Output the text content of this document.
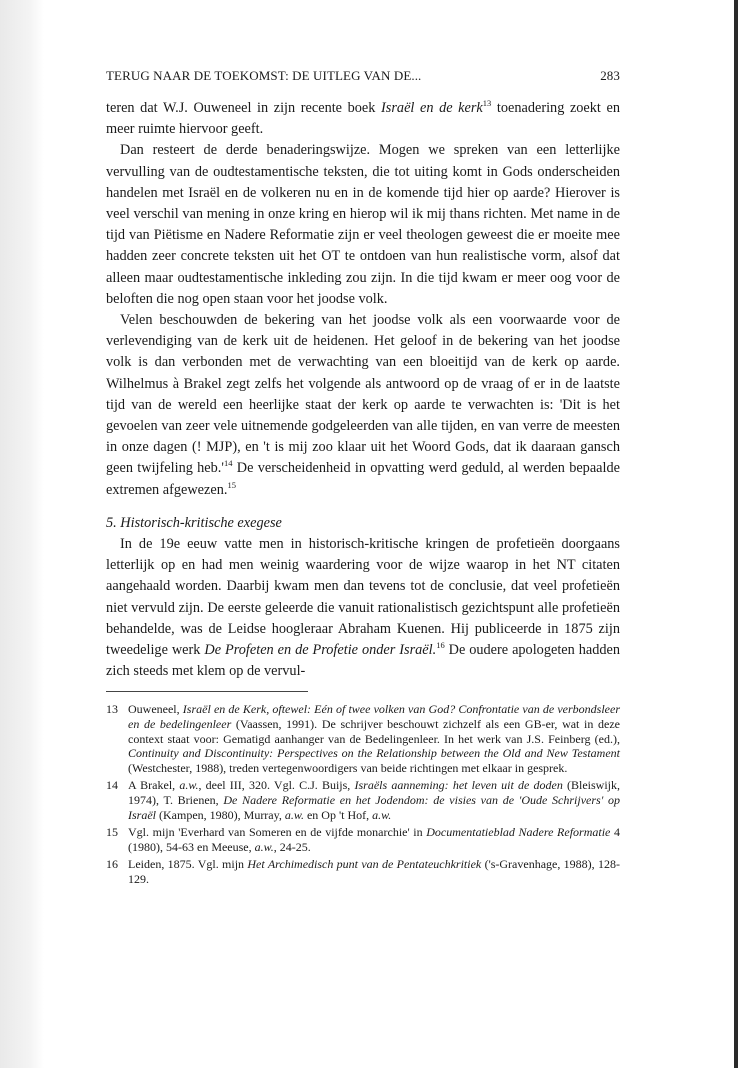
TERUG NAAR DE TOEKOMST: DE UITLEG VAN DE...	283

teren dat W.J. Ouweneel in zijn recente boek Israël en de kerk$^{13}$ toenadering zoekt en meer ruimte hiervoor geeft.

Dan resteert de derde benaderingswijze. Mogen we spreken van een letterlijke vervulling van de oudtestamentische teksten, die tot uiting komt in Gods onderscheiden handelen met Israël en de volkeren nu en in de komende tijd hier op aarde? Hierover is veel verschil van mening in onze kring en hierop wil ik mij thans richten. Met name in de tijd van Piëtisme en Nadere Reformatie zijn er veel theologen geweest die er moeite mee hadden zeer concrete teksten uit het OT te ontdoen van hun realistische vorm, alsof dat alleen maar oudtestamentische inkleding zou zijn. In die tijd kwam er meer oog voor de beloften die nog open staan voor het joodse volk.

Velen beschouwden de bekering van het joodse volk als een voorwaarde voor de verlevendiging van de kerk uit de heidenen. Het geloof in de bekering van het joodse volk is dan verbonden met de verwachting van een bloeitijd van de kerk op aarde. Wilhelmus à Brakel zegt zelfs het volgende als antwoord op de vraag of er in de laatste tijd van de wereld een heerlijke staat der kerk op aarde te verwachten is: 'Dit is het gevoelen van zeer vele uitnemende godgeleerden van alle tijden, en van verre de meesten in onze dagen (! MJP), en 't is mij zoo klaar uit het Woord Gods, dat ik daaraan gansch geen twijfeling heb.'$^{14}$ De verscheidenheid in opvatting werd geduld, al werden bepaalde extremen afgewezen.$^{15}$

5. Historisch-kritische exegese

In de 19e eeuw vatte men in historisch-kritische kringen de profetieën doorgaans letterlijk op en had men weinig waardering voor de wijze waarop in het NT citaten aangehaald worden. Daarbij kwam men dan tevens tot de conclusie, dat veel profetieën niet vervuld zijn. De eerste geleerde die vanuit rationalistisch gezichtspunt alle profetieën behandelde, was de Leidse hoogleraar Abraham Kuenen. Hij publiceerde in 1875 zijn tweedelige werk De Profeten en de Profetie onder Israël.$^{16}$ De oudere apologeten hadden zich steeds met klem op de vervul-

13 Ouweneel, Israël en de Kerk, oftewel: Eén of twee volken van God? Confrontatie van de verbondsleer en de bedelingenleer (Vaassen, 1991). De schrijver beschouwt zichzelf als een GB-er, wat in deze context staat voor: Gematigd aanhanger van de Bedelingenleer. In het werk van J.S. Feinberg (ed.), Continuity and Discontinuity: Perspectives on the Relationship between the Old and New Testament (Westchester, 1988), treden vertegenwoordigers van beide richtingen met elkaar in gesprek.
14 A Brakel, a.w., deel III, 320. Vgl. C.J. Buijs, Israëls aanneming: het leven uit de doden (Bleiswijk, 1974), T. Brienen, De Nadere Reformatie en het Jodendom: de visies van de 'Oude Schrijvers' op Israël (Kampen, 1980), Murray, a.w. en Op 't Hof, a.w.
15 Vgl. mijn 'Everhard van Someren en de vijfde monarchie' in Documentatieblad Nadere Reformatie 4 (1980), 54-63 en Meeuse, a.w., 24-25.
16 Leiden, 1875. Vgl. mijn Het Archimedisch punt van de Pentateuchkritiek ('s-Gravenhage, 1988), 128-129.
